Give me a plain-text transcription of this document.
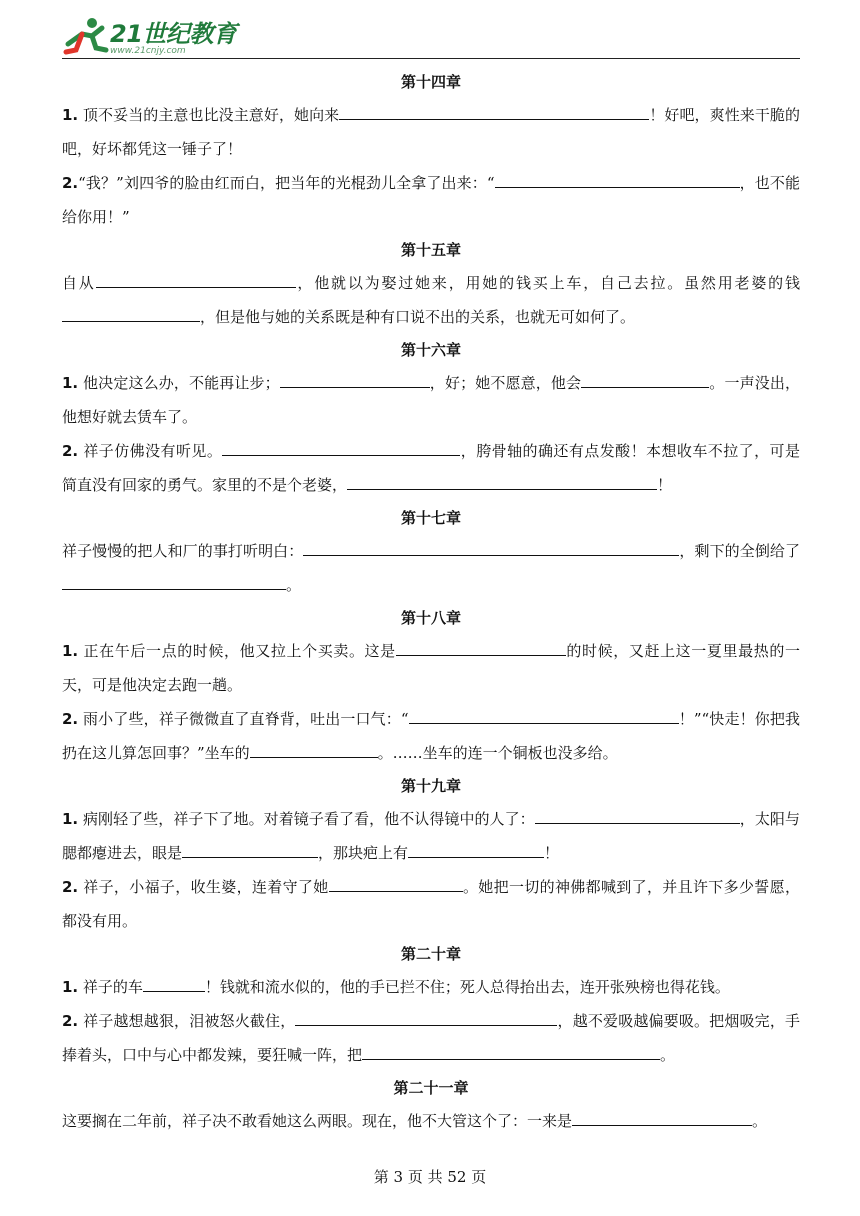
21世纪教育
www.21cnjy.com

第十四章

1. 顶不妥当的主意也比没主意好，她向来	！好吧，爽性来干脆的吧，好坏都凭这一锤子了！

2.“我？”刘四爷的脸由红而白，把当年的光棍劲儿全拿了出来：“	，也不能给你用！”

第十五章

自从	，他就以为娶过她来，用她的钱买上车，自己去拉。虽然用老婆的钱，但是他与她的关系既是种有口说不出的关系，也就无可如何了。

第十六章

1. 他决定这么办，不能再让步；	，好；她不愿意，他会	。一声没出，他想好就去赁车了。

2. 祥子仿佛没有听见。	，胯骨轴的确还有点发酸！本想收车不拉了，可是简直没有回家的勇气。家里的不是个老婆，	！

第十七章

祥子慢慢的把人和厂的事打听明白：	，剩下的全倒给了。

第十八章

1. 正在午后一点的时候，他又拉上个买卖。这是	的时候，又赶上这一夏里最热的一天，可是他决定去跑一趟。

2. 雨小了些，祥子微微直了直脊背，吐出一口气：“	！”“快走！你把我扔在这儿算怎回事？”坐车的	。……坐车的连一个铜板也没多给。

第十九章

1. 病刚轻了些，祥子下了地。对着镜子看了看，他不认得镜中的人了：	，太阳与腮都瘪进去，眼是	，那块疤上有	！

2. 祥子，小福子，收生婆，连着守了她	。她把一切的神佛都喊到了，并且许下多少誓愿，都没有用。

第二十章

1. 祥子的车	！钱就和流水似的，他的手已拦不住；死人总得抬出去，连开张殃榜也得花钱。

2. 祥子越想越狠，泪被怒火截住，	，越不爱吸越偏要吸。把烟吸完，手捧着头，口中与心中都发辣，要狂喊一阵，把	。

第二十一章

这要搁在二年前，祥子决不敢看她这么两眼。现在，他不大管这个了：一来是	。

第 3 页 共 52 页
